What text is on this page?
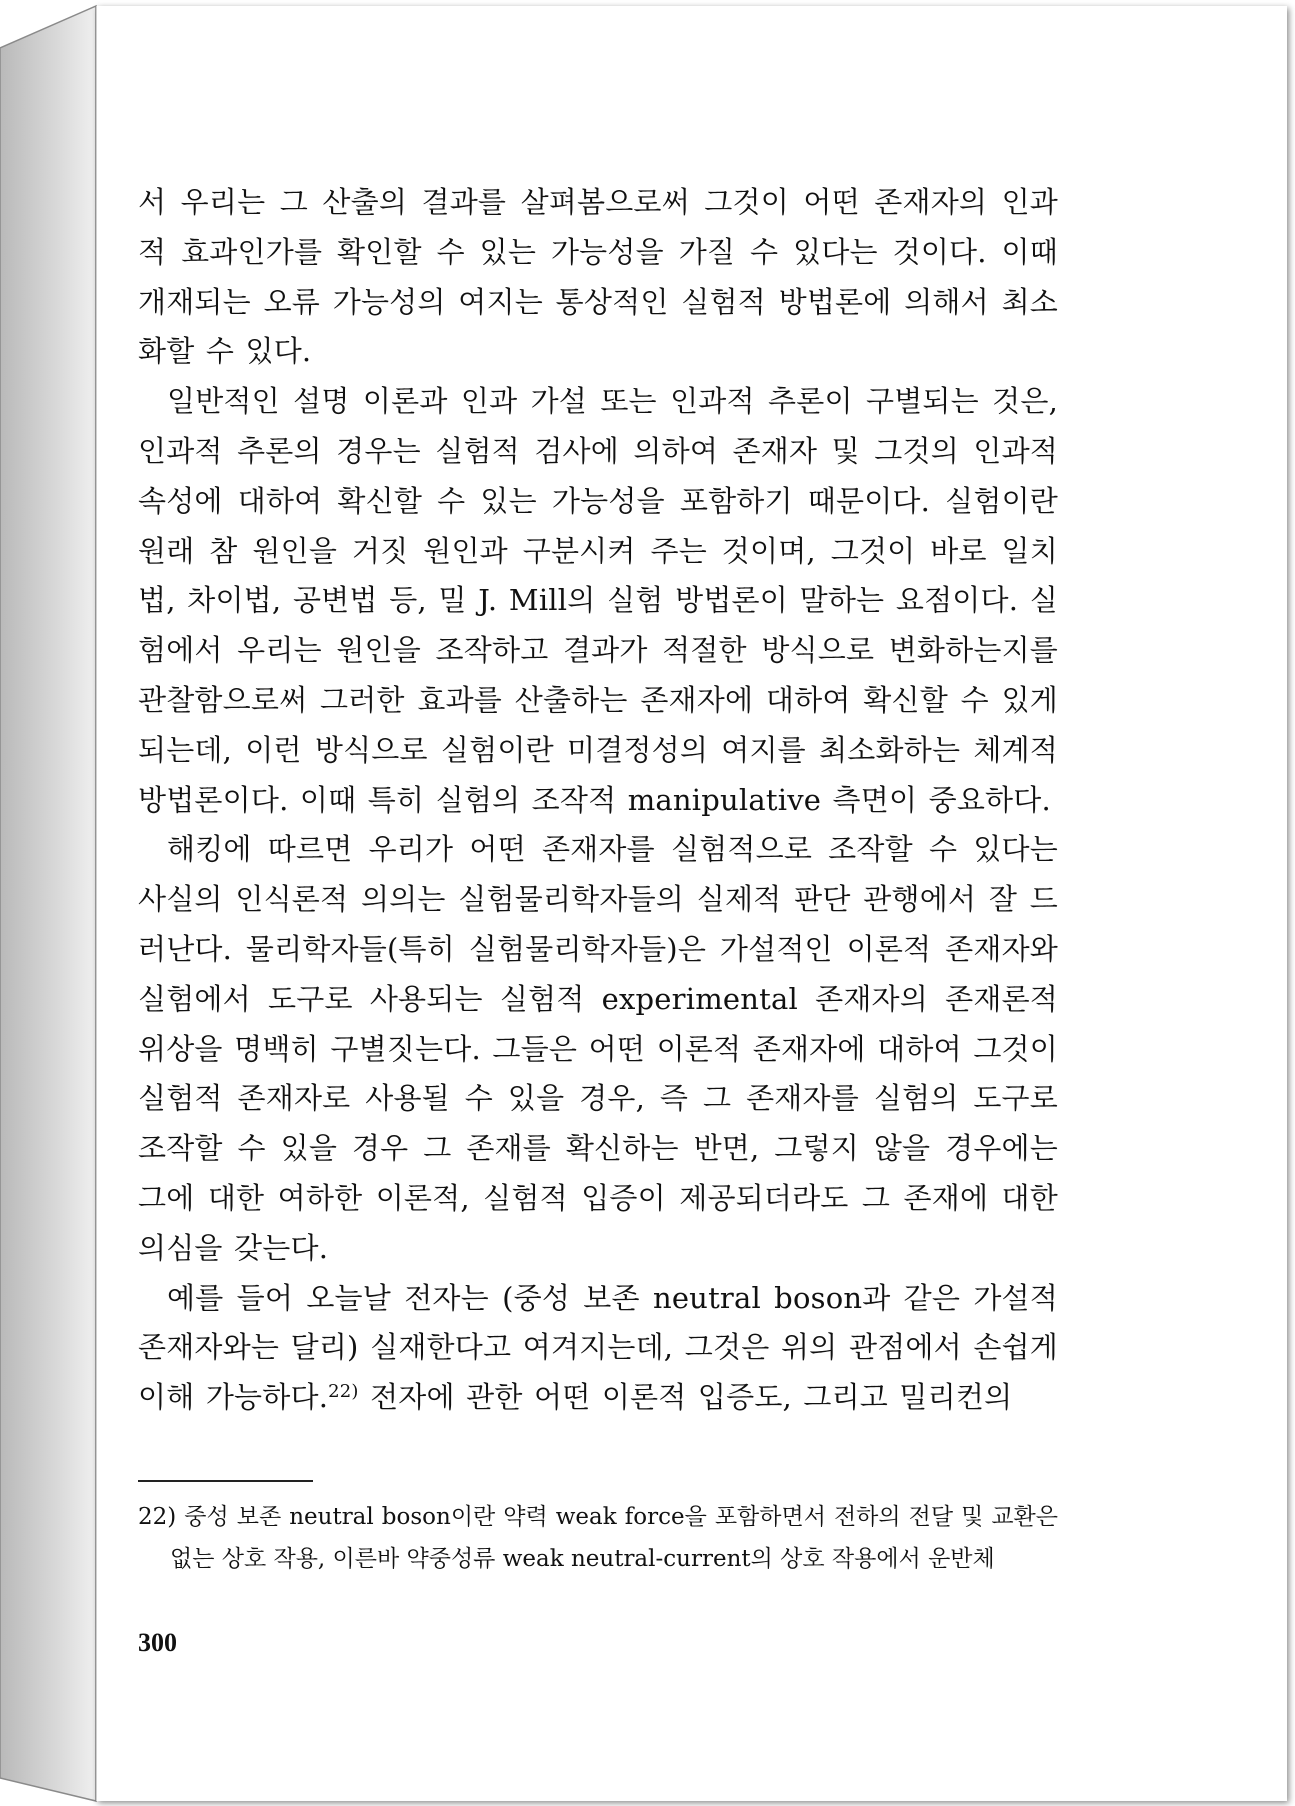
서 우리는 그 산출의 결과를 살펴봄으로써 그것이 어떤 존재자의 인과적 효과인가를 확인할 수 있는 가능성을 가질 수 있다는 것이다. 이때 개재되는 오류 가능성의 여지는 통상적인 실험적 방법론에 의해서 최소화할 수 있다.

일반적인 설명 이론과 인과 가설 또는 인과적 추론이 구별되는 것은, 인과적 추론의 경우는 실험적 검사에 의하여 존재자 및 그것의 인과적 속성에 대하여 확신할 수 있는 가능성을 포함하기 때문이다. 실험이란 원래 참 원인을 거짓 원인과 구분시켜 주는 것이며, 그것이 바로 일치법, 차이법, 공변법 등, 밀 J. Mill의 실험 방법론이 말하는 요점이다. 실험에서 우리는 원인을 조작하고 결과가 적절한 방식으로 변화하는지를 관찰함으로써 그러한 효과를 산출하는 존재자에 대하여 확신할 수 있게 되는데, 이런 방식으로 실험이란 미결정성의 여지를 최소화하는 체계적 방법론이다. 이때 특히 실험의 조작적 manipulative 측면이 중요하다.

해킹에 따르면 우리가 어떤 존재자를 실험적으로 조작할 수 있다는 사실의 인식론적 의의는 실험물리학자들의 실제적 판단 관행에서 잘 드러난다. 물리학자들(특히 실험물리학자들)은 가설적인 이론적 존재자와 실험에서 도구로 사용되는 실험적 experimental 존재자의 존재론적 위상을 명백히 구별짓는다. 그들은 어떤 이론적 존재자에 대하여 그것이 실험적 존재자로 사용될 수 있을 경우, 즉 그 존재자를 실험의 도구로 조작할 수 있을 경우 그 존재를 확신하는 반면, 그렇지 않을 경우에는 그에 대한 여하한 이론적, 실험적 입증이 제공되더라도 그 존재에 대한 의심을 갖는다.

예를 들어 오늘날 전자는 (중성 보존 neutral boson과 같은 가설적 존재자와는 달리) 실재한다고 여겨지는데, 그것은 위의 관점에서 손쉽게 이해 가능하다.$^{22)}$ 전자에 관한 어떤 이론적 입증도, 그리고 밀리컨의

22) 중성 보존 neutral boson이란 약력 weak force을 포함하면서 전하의 전달 및 교환은 없는 상호 작용, 이른바 약중성류 weak neutral-current의 상호 작용에서 운반체
300
